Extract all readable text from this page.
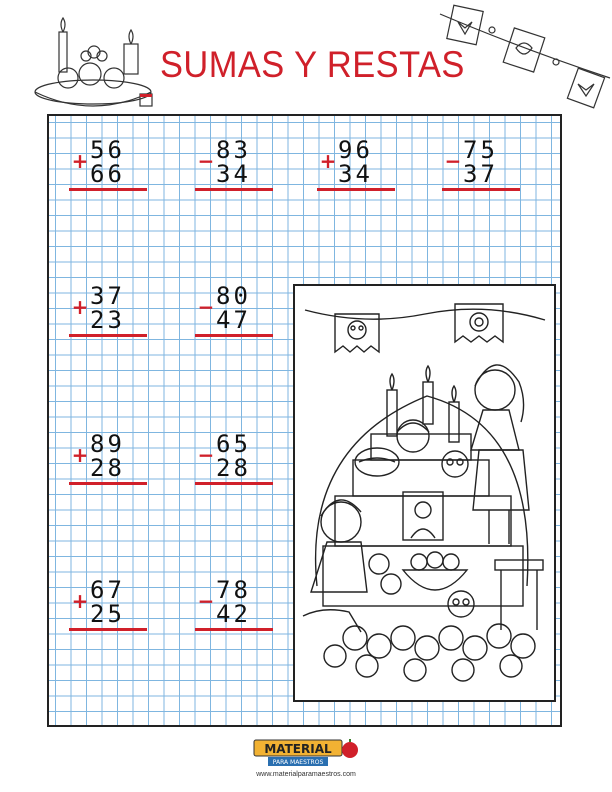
SUMAS Y RESTAS
56
+ 66
83
− 34
96
+ 34
75
− 37
37
+ 23
80
− 47
89
+ 28
65
− 28
67
+ 25
78
− 42
MATERIAL
PARA MAESTROS
www.materialparamaestros.com
